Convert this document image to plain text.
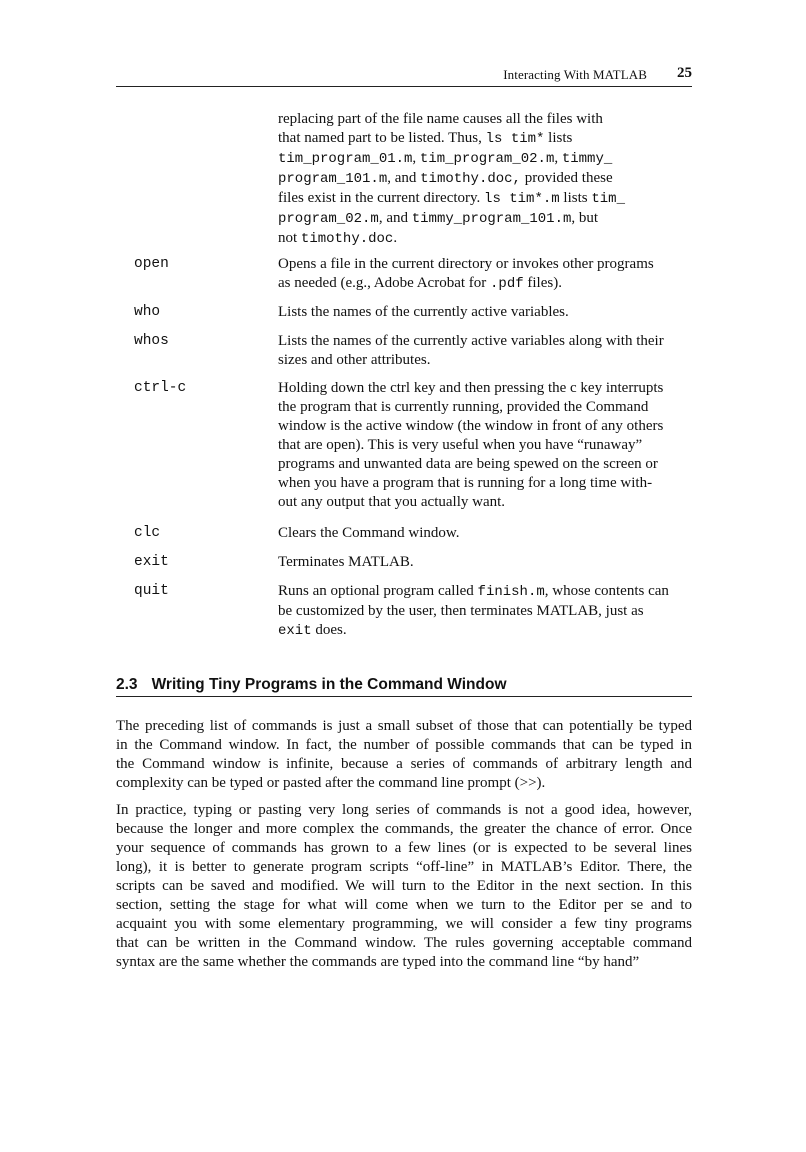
Interacting With MATLAB 25
replacing part of the file name causes all the files with
that named part to be listed. Thus, ls tim* lists
tim_program_01.m, tim_program_02.m, timmy_
program_101.m, and timothy.doc, provided these
files exist in the current directory. ls tim*.m lists tim_
program_02.m, and timmy_program_101.m, but
not timothy.doc.
open	Opens a file in the current directory or invokes other programs
as needed (e.g., Adobe Acrobat for .pdf files).
who	Lists the names of the currently active variables.
whos	Lists the names of the currently active variables along with their
sizes and other attributes.
ctrl-c	Holding down the ctrl key and then pressing the c key interrupts
the program that is currently running, provided the Command
window is the active window (the window in front of any others
that are open). This is very useful when you have “runaway”
programs and unwanted data are being spewed on the screen or
when you have a program that is running for a long time with-
out any output that you actually want.
clc	Clears the Command window.
exit	Terminates MATLAB.
quit	Runs an optional program called finish.m, whose contents can
be customized by the user, then terminates MATLAB, just as
exit does.
2.3 Writing Tiny Programs in the Command Window
The preceding list of commands is just a small subset of those that can potentially be typed
in the Command window. In fact, the number of possible commands that can be typed in
the Command window is infinite, because a series of commands of arbitrary length and
complexity can be typed or pasted after the command line prompt (>>).
In practice, typing or pasting very long series of commands is not a good idea, however,
because the longer and more complex the commands, the greater the chance of error. Once
your sequence of commands has grown to a few lines (or is expected to be several lines
long), it is better to generate program scripts “off-line” in MATLAB’s Editor. There, the
scripts can be saved and modified. We will turn to the Editor in the next section. In this
section, setting the stage for what will come when we turn to the Editor per se and to
acquaint you with some elementary programming, we will consider a few tiny programs
that can be written in the Command window. The rules governing acceptable command
syntax are the same whether the commands are typed into the command line “by hand”
